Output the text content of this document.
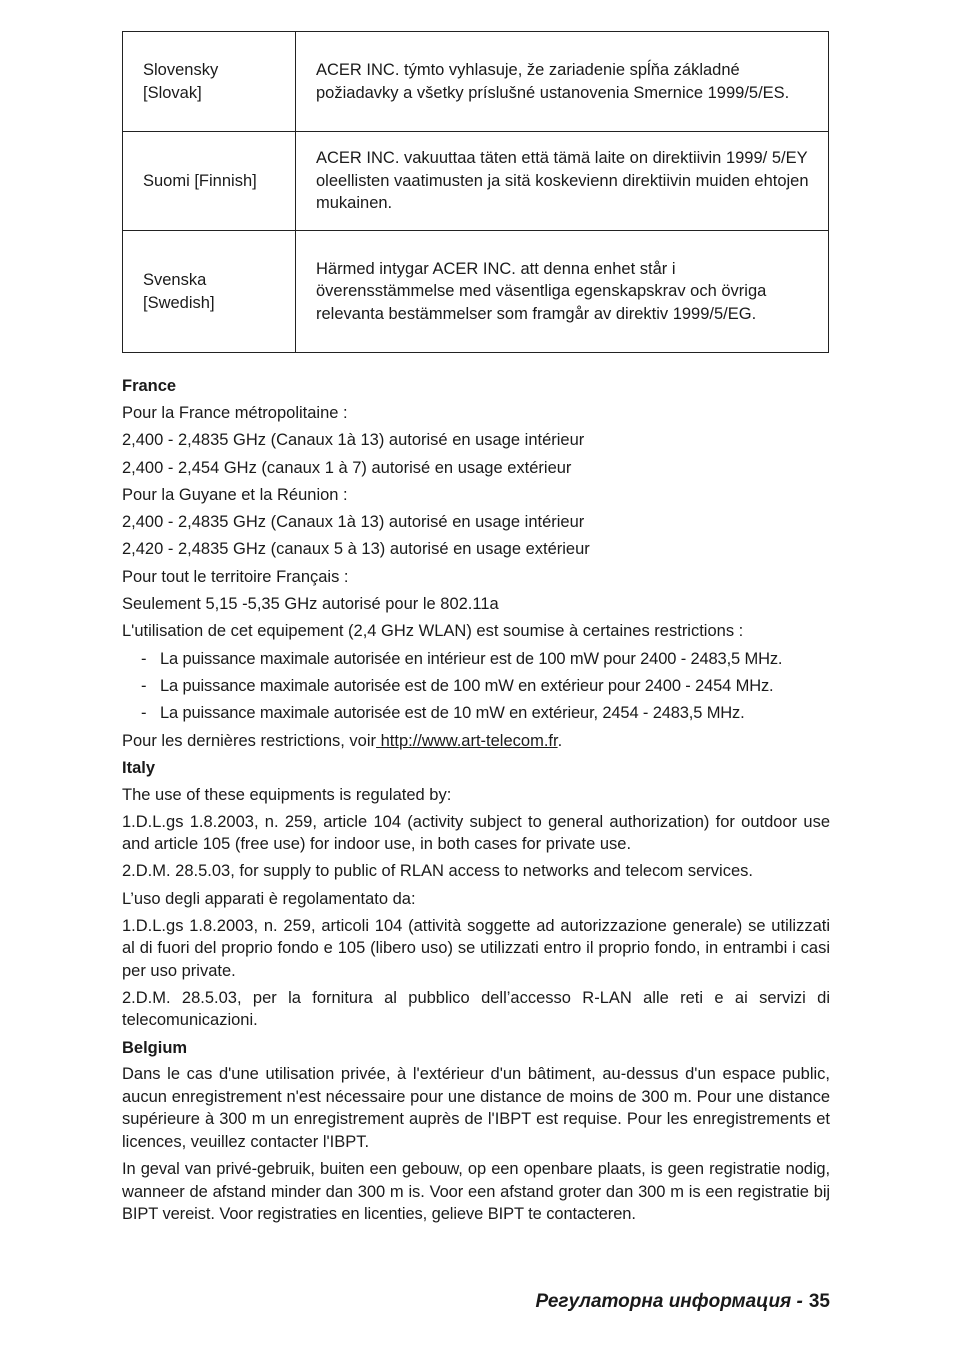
Slovensky [Slovak]	ACER INC. týmto vyhlasuje, že zariadenie spĺňa základné požiadavky a všetky príslušné ustanovenia Smernice 1999/5/ES.
Suomi [Finnish]	ACER INC. vakuuttaa täten että tämä laite on direktiivin 1999/ 5/EY oleellisten vaatimusten ja sitä koskevienn direktiivin muiden ehtojen mukainen.
Svenska [Swedish]	Härmed intygar ACER INC. att denna enhet står i överensstämmelse med väsentliga egenskapskrav och övriga relevanta bestämmelser som framgår av direktiv 1999/5/EG.
France

Pour la France métropolitaine :

2,400 - 2,4835 GHz (Canaux 1à 13) autorisé en usage intérieur

2,400 - 2,454 GHz (canaux 1 à 7) autorisé en usage extérieur

Pour la Guyane et la Réunion :

2,400 - 2,4835 GHz (Canaux 1à 13) autorisé en usage intérieur

2,420 - 2,4835 GHz (canaux 5 à 13) autorisé en usage extérieur

Pour tout le territoire Français :

Seulement 5,15 -5,35 GHz autorisé pour le 802.11a

L'utilisation de cet equipement (2,4 GHz WLAN) est soumise à certaines restrictions :

- La puissance maximale autorisée en intérieur est de 100 mW pour 2400 - 2483,5 MHz.
- La puissance maximale autorisée est de 100 mW en extérieur pour 2400 - 2454 MHz.
- La puissance maximale autorisée est de 10 mW en extérieur, 2454 - 2483,5 MHz.

Pour les dernières restrictions, voir http://www.art-telecom.fr.

Italy

The use of these equipments is regulated by:

1.D.L.gs 1.8.2003, n. 259, article 104 (activity subject to general authorization) for outdoor use and article 105 (free use) for indoor use, in both cases for private use.

2.D.M. 28.5.03, for supply to public of RLAN access to networks and telecom services.

L’uso degli apparati è regolamentato da:

1.D.L.gs 1.8.2003, n. 259, articoli 104 (attività soggette ad autorizzazione generale) se utilizzati al di fuori del proprio fondo e 105 (libero uso) se utilizzati entro il proprio fondo, in entrambi i casi per uso private.

2.D.M. 28.5.03, per la fornitura al pubblico dell’accesso R-LAN alle reti e ai servizi di telecomunicazioni.

Belgium

Dans le cas d'une utilisation privée, à l'extérieur d'un bâtiment, au-dessus d'un espace public, aucun enregistrement n'est nécessaire pour une distance de moins de 300 m. Pour une distance supérieure à 300 m un enregistrement auprès de l'IBPT est requise. Pour les enregistrements et licences, veuillez contacter l'IBPT.

In geval van privé-gebruik, buiten een gebouw, op een openbare plaats, is geen registratie nodig, wanneer de afstand minder dan 300 m is. Voor een afstand groter dan 300 m is een registratie bij BIPT vereist. Voor registraties en licenties, gelieve BIPT te contacteren.

Регулаторна информация - 35
